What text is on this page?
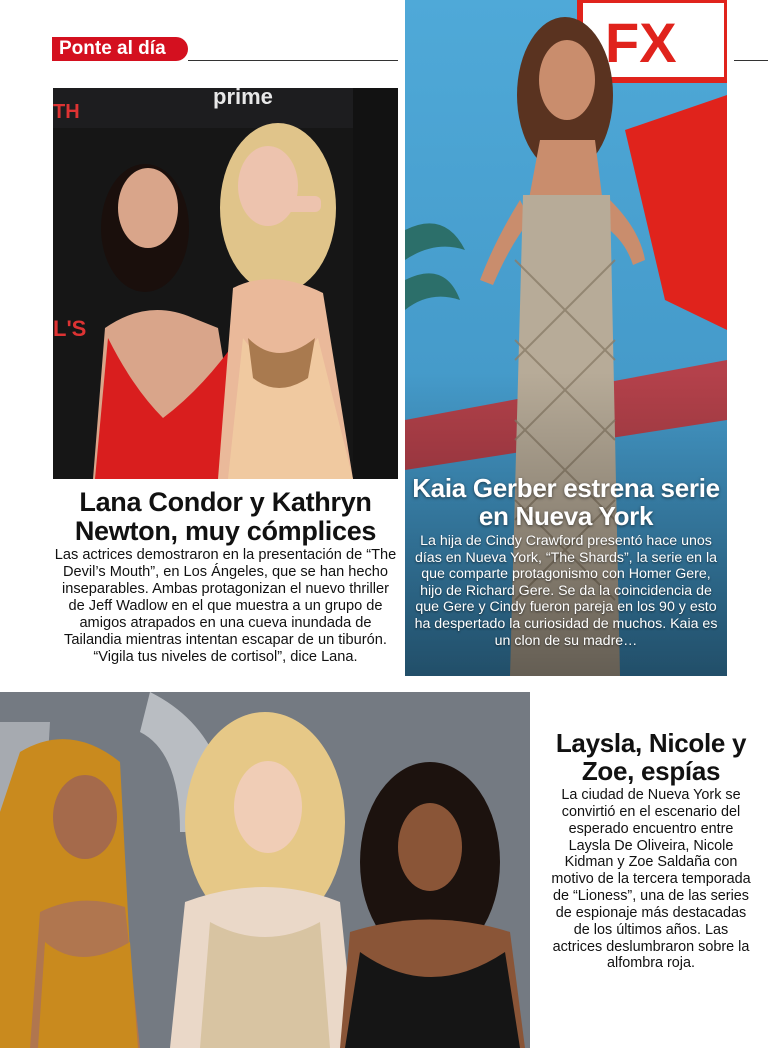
Ponte al día
prime
TH
L'S
Lana Condor y Kathryn Newton, muy cómplices

Las actrices demostraron en la presentación de “The Devil’s Mouth”, en Los Ángeles, que se han hecho inseparables. Ambas protagonizan el nuevo thriller de Jeff Wadlow en el que muestra a un grupo de amigos atrapados en una cueva inundada de Tailandia mientras intentan escapar de un tiburón. “Vigila tus niveles de cortisol”, dice Lana.

Kaia Gerber estrena serie en Nueva York

La hija de Cindy Crawford presentó hace unos días en Nueva York, “The Shards”, la serie en la que comparte protagonismo con Homer Gere, hijo de Richard Gere. Se da la coincidencia de que Gere y Cindy fueron pareja en los 90 y esto ha despertado la curiosidad de muchos. Kaia es un clon de su madre…

Laysla, Nicole y Zoe, espías

La ciudad de Nueva York se convirtió en el escenario del esperado encuentro entre Laysla De Oliveira, Nicole Kidman y Zoe Saldaña con motivo de la tercera temporada de “Lioness”, una de las series de espionaje más destacadas de los últimos años. Las actrices deslumbraron sobre la alfombra roja.
